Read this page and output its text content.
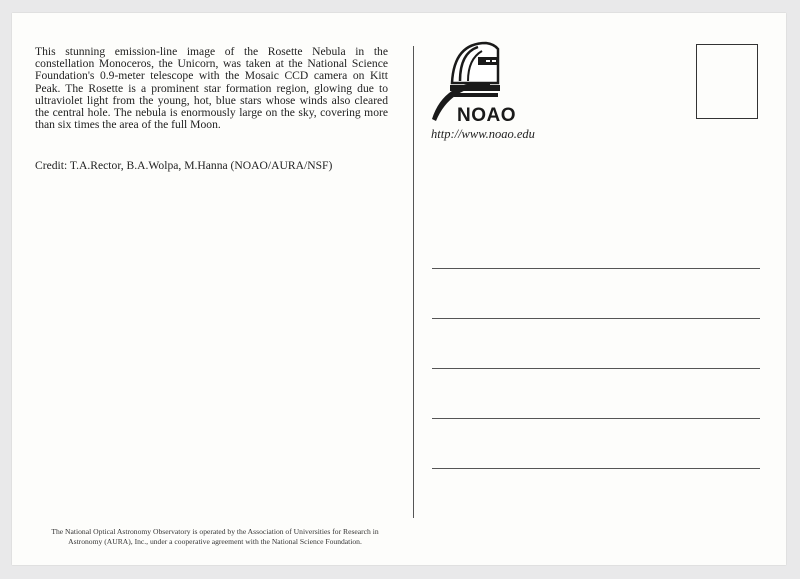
This stunning emission-line image of the Rosette Nebula in the constellation Monoceros, the Unicorn, was taken at the National Science Foundation's 0.9-meter telescope with the Mosaic CCD camera on Kitt Peak. The Rosette is a prominent star formation region, glowing due to ultraviolet light from the young, hot, blue stars whose winds also cleared the central hole. The nebula is enormously large on the sky, covering more than six times the area of the full Moon.

Credit: T.A.Rector, B.A.Wolpa, M.Hanna (NOAO/AURA/NSF)

NOAO

http://www.noao.edu

The National Optical Astronomy Observatory is operated by the Association of Universities for Research in Astronomy (AURA), Inc., under a cooperative agreement with the National Science Foundation.
